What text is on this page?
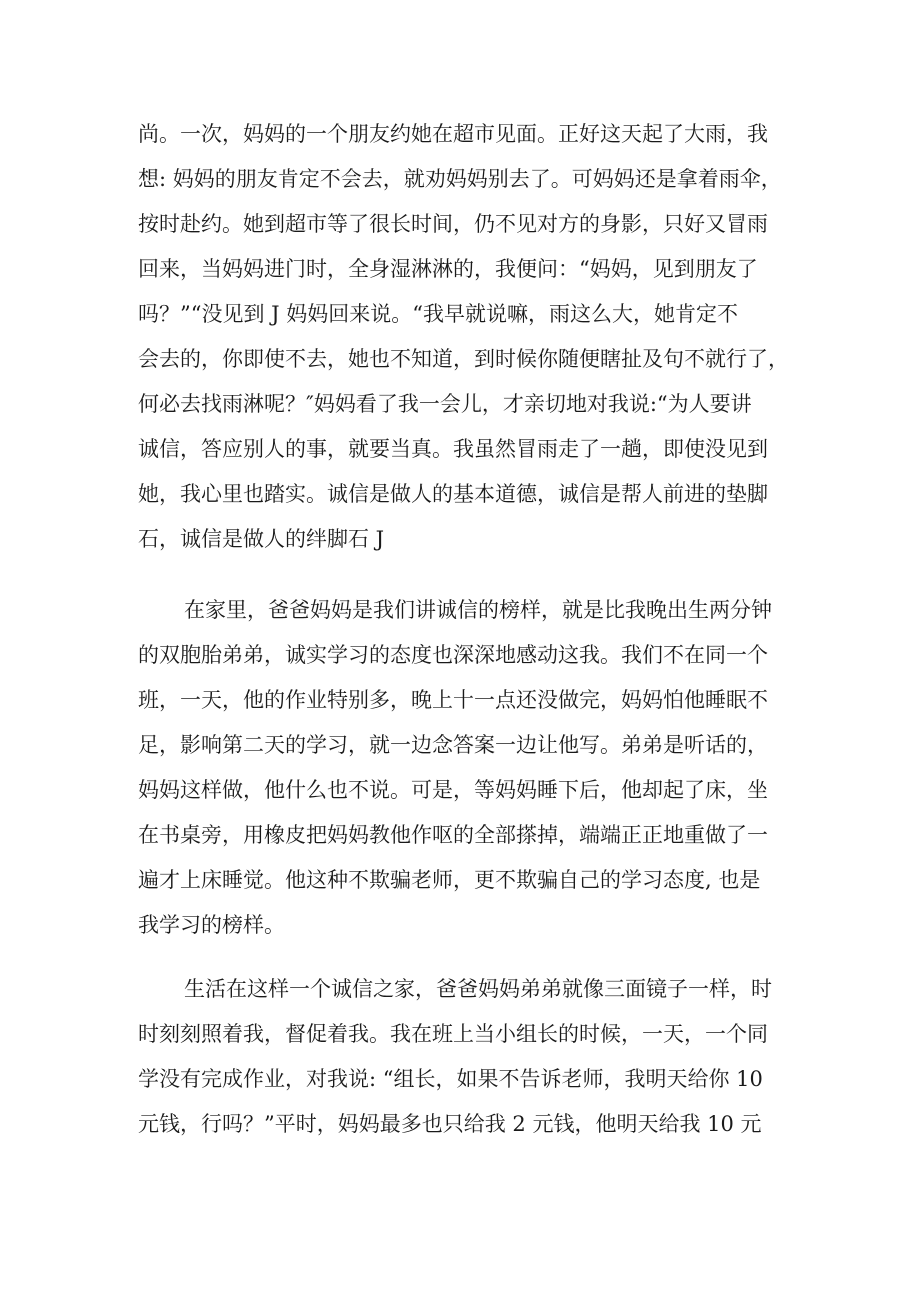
尚。一次，妈妈的一个朋友约她在超市见面。正好这天起了大雨，我
想: 妈妈的朋友肯定不会去，就劝妈妈别去了。可妈妈还是拿着雨伞，
按时赴约。她到超市等了很长时间，仍不见对方的身影，只好又冒雨
回来，当妈妈进门时，全身湿淋淋的，我便问：“妈妈，见到朋友了
吗？”“没见到 J 妈妈回来说。“我早就说嘛，雨这么大，她肯定不
会去的，你即使不去，她也不知道，到时候你随便瞎扯及句不就行了，
何必去找雨淋呢？″妈妈看了我一会儿，才亲切地对我说:“为人要讲
诚信，答应别人的事，就要当真。我虽然冒雨走了一趟，即使没见到
她，我心里也踏实。诚信是做人的基本道德，诚信是帮人前进的垫脚
石，诚信是做人的绊脚石 J
在家里，爸爸妈妈是我们讲诚信的榜样，就是比我晚出生两分钟
的双胞胎弟弟，诚实学习的态度也深深地感动这我。我们不在同一个
班，一天，他的作业特别多，晚上十一点还没做完，妈妈怕他睡眠不
足，影响第二天的学习，就一边念答案一边让他写。弟弟是听话的，
妈妈这样做，他什么也不说。可是，等妈妈睡下后，他却起了床，坐
在书桌旁，用橡皮把妈妈教他作呕的全部搽掉，端端正正地重做了一
遍才上床睡觉。他这种不欺骗老师，更不欺骗自己的学习态度, 也是
我学习的榜样。
生活在这样一个诚信之家，爸爸妈妈弟弟就像三面镜子一样，时
时刻刻照着我，督促着我。我在班上当小组长的时候，一天，一个同
学没有完成作业，对我说: “组长，如果不告诉老师，我明天给你 10
元钱，行吗？”平时，妈妈最多也只给我 2 元钱，他明天给我 10 元
